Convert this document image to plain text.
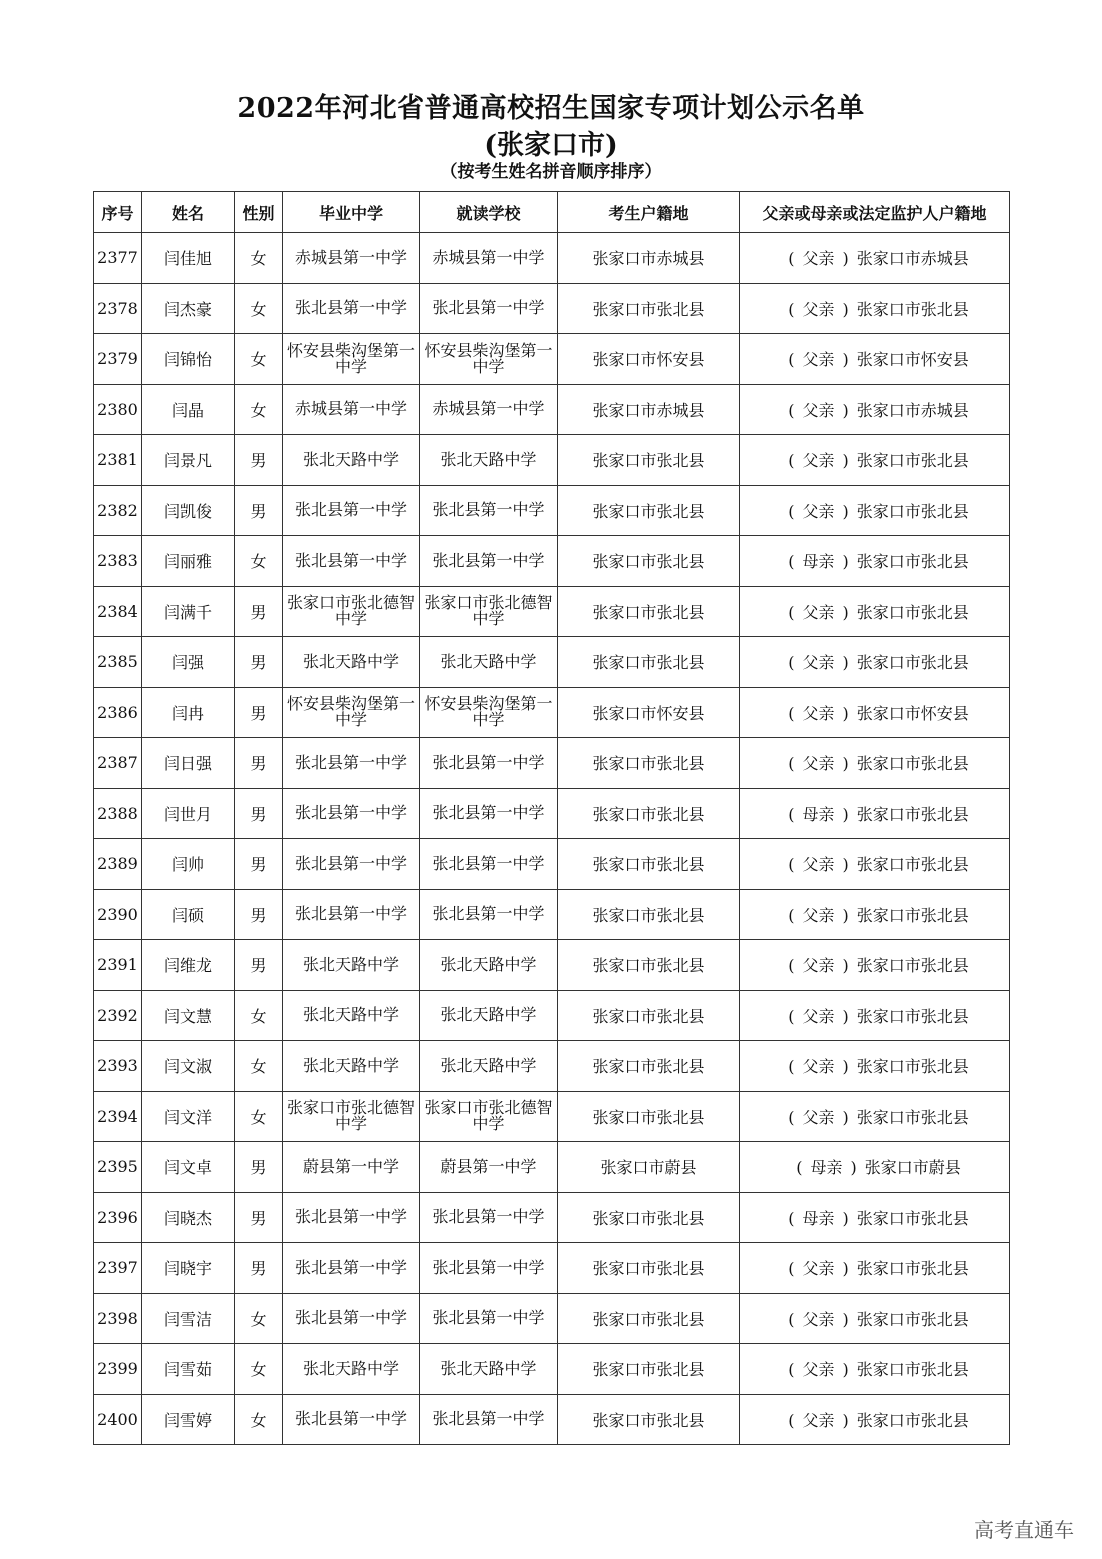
2022年河北省普通高校招生国家专项计划公示名单
(张家口市)
（按考生姓名拼音顺序排序）
序号	姓名	性别	毕业中学	就读学校	考生户籍地	父亲或母亲或法定监护人户籍地
2377	闫佳旭	女	赤城县第一中学	赤城县第一中学	张家口市赤城县	( 父亲 ) 张家口市赤城县
2378	闫杰豪	女	张北县第一中学	张北县第一中学	张家口市张北县	( 父亲 ) 张家口市张北县
2379	闫锦怡	女	怀安县柴沟堡第一中学	怀安县柴沟堡第一中学	张家口市怀安县	( 父亲 ) 张家口市怀安县
2380	闫晶	女	赤城县第一中学	赤城县第一中学	张家口市赤城县	( 父亲 ) 张家口市赤城县
2381	闫景凡	男	张北天路中学	张北天路中学	张家口市张北县	( 父亲 ) 张家口市张北县
2382	闫凯俊	男	张北县第一中学	张北县第一中学	张家口市张北县	( 父亲 ) 张家口市张北县
2383	闫丽雅	女	张北县第一中学	张北县第一中学	张家口市张北县	( 母亲 ) 张家口市张北县
2384	闫满千	男	张家口市张北德智中学	张家口市张北德智中学	张家口市张北县	( 父亲 ) 张家口市张北县
2385	闫强	男	张北天路中学	张北天路中学	张家口市张北县	( 父亲 ) 张家口市张北县
2386	闫冉	男	怀安县柴沟堡第一中学	怀安县柴沟堡第一中学	张家口市怀安县	( 父亲 ) 张家口市怀安县
2387	闫日强	男	张北县第一中学	张北县第一中学	张家口市张北县	( 父亲 ) 张家口市张北县
2388	闫世月	男	张北县第一中学	张北县第一中学	张家口市张北县	( 母亲 ) 张家口市张北县
2389	闫帅	男	张北县第一中学	张北县第一中学	张家口市张北县	( 父亲 ) 张家口市张北县
2390	闫硕	男	张北县第一中学	张北县第一中学	张家口市张北县	( 父亲 ) 张家口市张北县
2391	闫维龙	男	张北天路中学	张北天路中学	张家口市张北县	( 父亲 ) 张家口市张北县
2392	闫文慧	女	张北天路中学	张北天路中学	张家口市张北县	( 父亲 ) 张家口市张北县
2393	闫文淑	女	张北天路中学	张北天路中学	张家口市张北县	( 父亲 ) 张家口市张北县
2394	闫文洋	女	张家口市张北德智中学	张家口市张北德智中学	张家口市张北县	( 父亲 ) 张家口市张北县
2395	闫文卓	男	蔚县第一中学	蔚县第一中学	张家口市蔚县	( 母亲 ) 张家口市蔚县
2396	闫晓杰	男	张北县第一中学	张北县第一中学	张家口市张北县	( 母亲 ) 张家口市张北县
2397	闫晓宇	男	张北县第一中学	张北县第一中学	张家口市张北县	( 父亲 ) 张家口市张北县
2398	闫雪洁	女	张北县第一中学	张北县第一中学	张家口市张北县	( 父亲 ) 张家口市张北县
2399	闫雪茹	女	张北天路中学	张北天路中学	张家口市张北县	( 父亲 ) 张家口市张北县
2400	闫雪婷	女	张北县第一中学	张北县第一中学	张家口市张北县	( 父亲 ) 张家口市张北县
高考直通车
